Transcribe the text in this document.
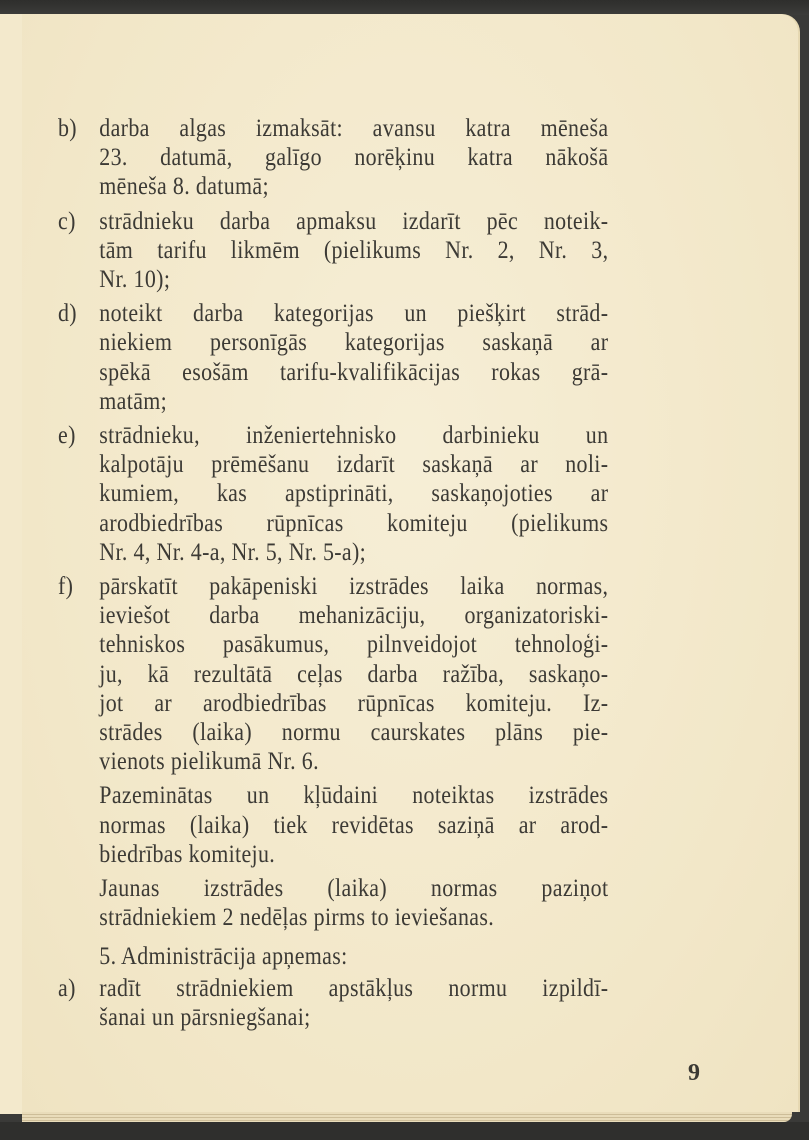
b) darba algas izmaksāt: avansu katra mēneša
23. datumā, galīgo norēķinu katra nākošā
mēneša 8. datumā;
c) strādnieku darba apmaksu izdarīt pēc noteik-
tām tarifu likmēm (pielikums Nr. 2, Nr. 3,
Nr. 10);
d) noteikt darba kategorijas un piešķirt strād-
niekiem personīgās kategorijas saskaņā ar
spēkā esošām tarifu-kvalifikācijas rokas grā-
matām;
e) strādnieku, inženiertehnisko darbinieku un
kalpotāju prēmēšanu izdarīt saskaņā ar noli-
kumiem, kas apstiprināti, saskaņojoties ar
arodbiedrības rūpnīcas komiteju (pielikums
Nr. 4, Nr. 4-a, Nr. 5, Nr. 5-a);
f)	pārskatīt pakāpeniski izstrādes laika normas,
ieviešot darba mehanizāciju, organizatoriski-
tehniskos pasākumus, pilnveidojot tehnoloģi-
ju, kā rezultātā ceļas darba ražība, saskaņo-
jot ar arodbiedrības rūpnīcas komiteju. Iz-
strādes (laika) normu caurskates plāns pie-
vienots pielikumā Nr. 6.
Pazeminātas un kļūdaini noteiktas izstrādes
normas (laika) tiek revidētas saziņā ar arod-
biedrības komiteju.
Jaunas izstrādes (laika) normas paziņot
strādniekiem 2 nedēļas pirms to ieviešanas.
5. Administrācija apņemas:
a) radīt strādniekiem apstākļus normu izpildī-
šanai un pārsniegšanai;
9
